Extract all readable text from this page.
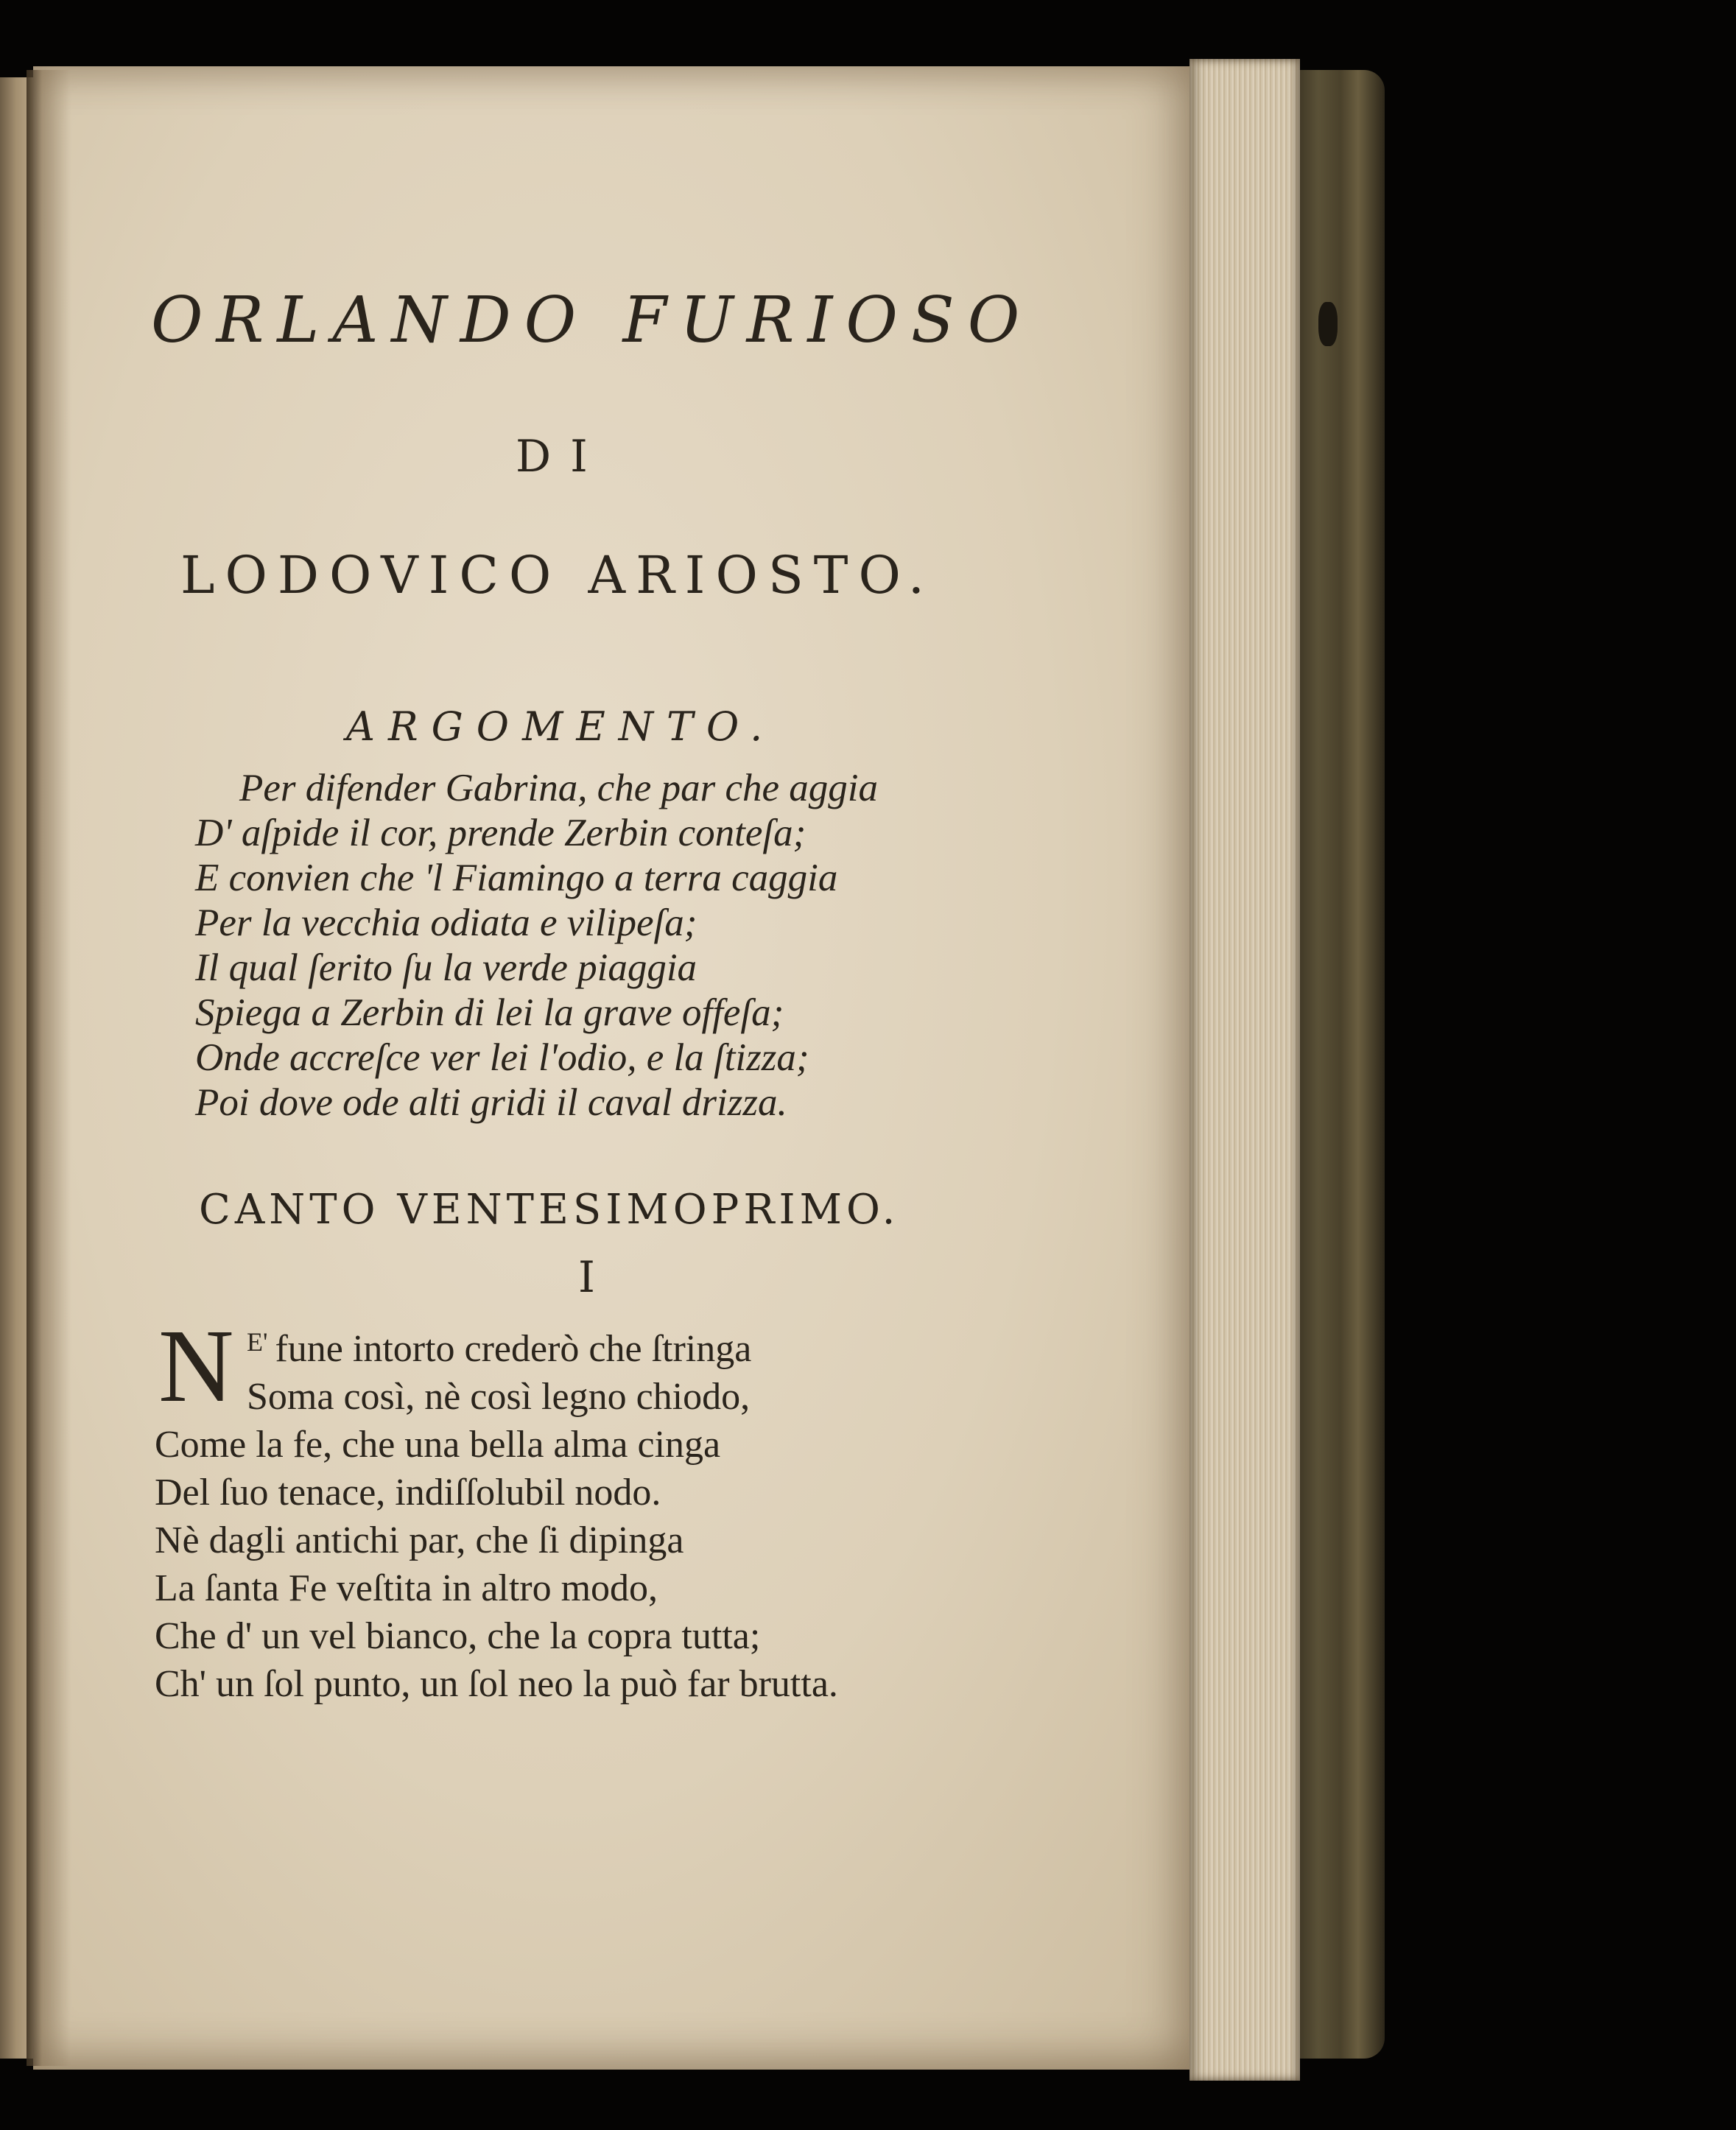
ORLANDO FURIOSO
DI
LODOVICO ARIOSTO.
ARGOMENTO.
Per difender Gabrina, che par che aggia
D' aſpide il cor, prende Zerbin conteſa;
E convien che 'l Fiamingo a terra caggia
Per la vecchia odiata e vilipeſa;
Il qual ſerito ſu la verde piaggia
Spiega a Zerbin di lei la grave offeſa;
Onde accreſce ver lei l'odio, e la ſtizza;
Poi dove ode alti gridi il caval drizza.
CANTO VENTESIMOPRIMO.
I
N $^{E'}$ fune intorto crederò che ſtringa
Soma così, nè così legno chiodo,
Come la fe, che una bella alma cinga
Del ſuo tenace, indiſſolubil nodo.
Nè dagli antichi par, che ſi dipinga
La ſanta Fe veſtita in altro modo,
Che d' un vel bianco, che la copra tutta;
Ch' un ſol punto, un ſol neo la può far brutta.
